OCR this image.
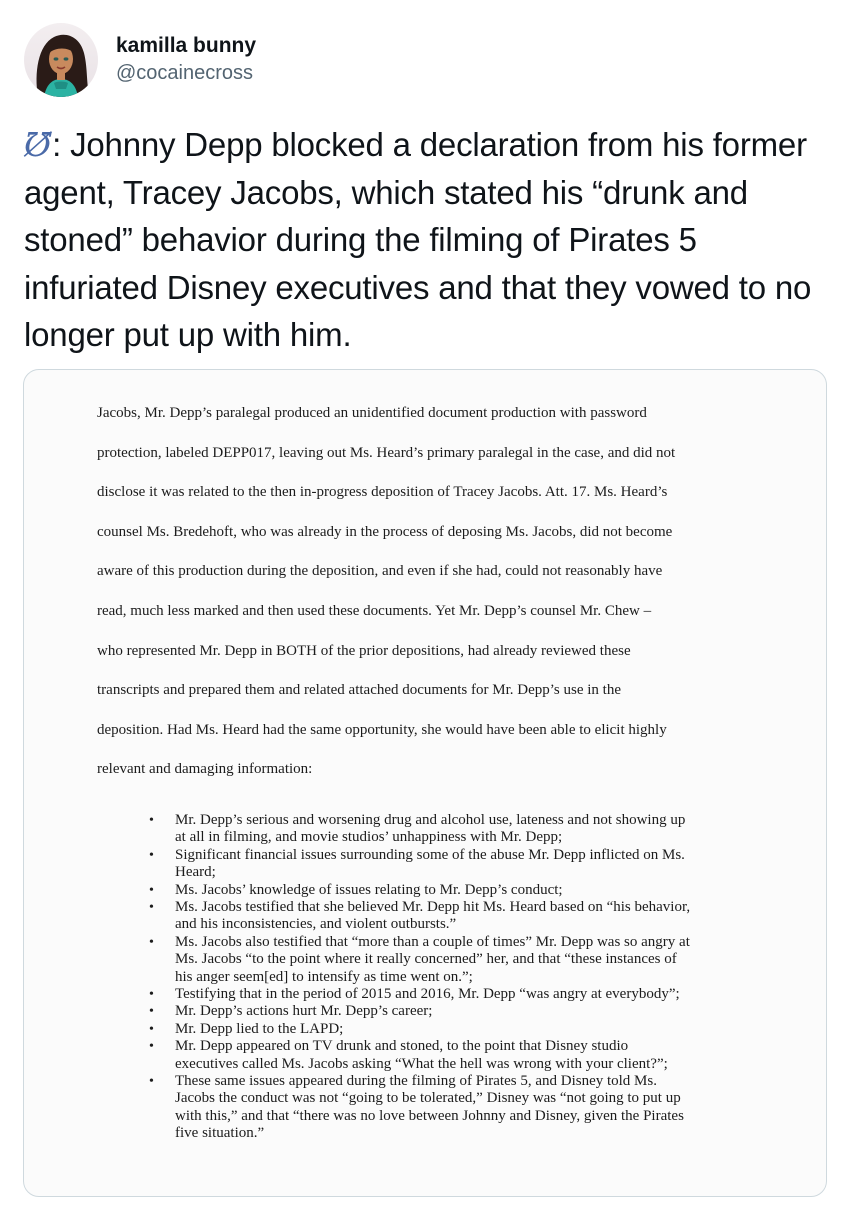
kamilla bunny
@cocainecross
℧̸: Johnny Depp blocked a declaration from his former agent, Tracey Jacobs, which stated his “drunk and stoned” behavior during the filming of Pirates 5 infuriated Disney executives and that they vowed to no longer put up with him.
Jacobs, Mr. Depp’s paralegal produced an unidentified document production with password
protection, labeled DEPP017, leaving out Ms. Heard’s primary paralegal in the case, and did not
disclose it was related to the then in-progress deposition of Tracey Jacobs. Att. 17. Ms. Heard’s
counsel Ms. Bredehoft, who was already in the process of deposing Ms. Jacobs, did not become
aware of this production during the deposition, and even if she had, could not reasonably have
read, much less marked and then used these documents. Yet Mr. Depp’s counsel Mr. Chew –
who represented Mr. Depp in BOTH of the prior depositions, had already reviewed these
transcripts and prepared them and related attached documents for Mr. Depp’s use in the
deposition. Had Ms. Heard had the same opportunity, she would have been able to elicit highly
relevant and damaging information:
• Mr. Depp’s serious and worsening drug and alcohol use, lateness and not showing up
at all in filming, and movie studios’ unhappiness with Mr. Depp;
• Significant financial issues surrounding some of the abuse Mr. Depp inflicted on Ms.
Heard;
• Ms. Jacobs’ knowledge of issues relating to Mr. Depp’s conduct;
• Ms. Jacobs testified that she believed Mr. Depp hit Ms. Heard based on “his behavior,
and his inconsistencies, and violent outbursts.”
• Ms. Jacobs also testified that “more than a couple of times” Mr. Depp was so angry at
Ms. Jacobs “to the point where it really concerned” her, and that “these instances of
his anger seem[ed] to intensify as time went on.”;
• Testifying that in the period of 2015 and 2016, Mr. Depp “was angry at everybody”;
• Mr. Depp’s actions hurt Mr. Depp’s career;
• Mr. Depp lied to the LAPD;
• Mr. Depp appeared on TV drunk and stoned, to the point that Disney studio
executives called Ms. Jacobs asking “What the hell was wrong with your client?”;
• These same issues appeared during the filming of Pirates 5, and Disney told Ms.
Jacobs the conduct was not “going to be tolerated,” Disney was “not going to put up
with this,” and that “there was no love between Johnny and Disney, given the Pirates
five situation.”
